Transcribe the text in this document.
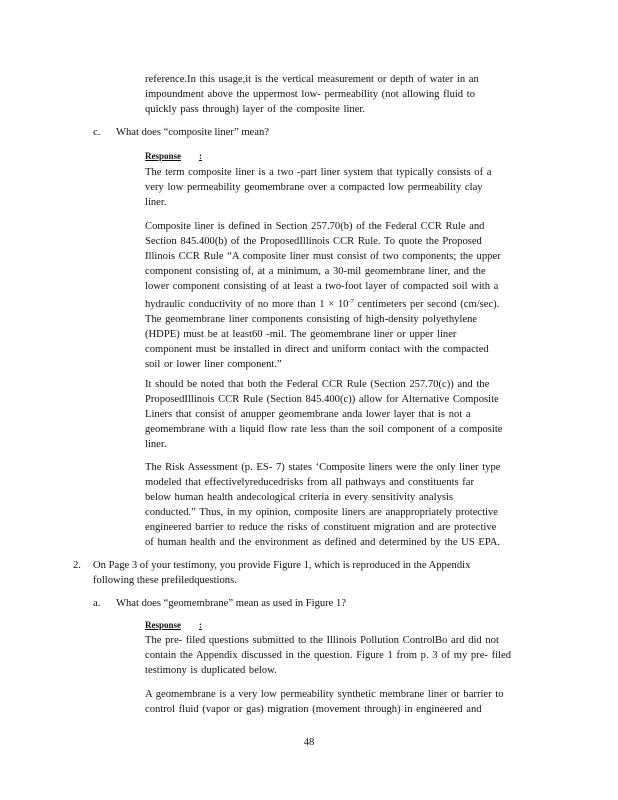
reference.In this usage,it is the vertical measurement or depth of water in an
impoundment above the uppermost low- permeability (not allowing fluid to
quickly pass through) layer of the composite liner.
c. What does “composite liner” mean?
Response :
The term composite liner is a two -part liner system that typically consists of a
very low permeability geomembrane over a compacted low permeability clay
liner.
Composite liner is defined in Section 257.70(b) of the Federal CCR Rule and
Section 845.400(b) of the ProposedIllinois CCR Rule. To quote the Proposed
Illinois CCR Rule “A composite liner must consist of two components; the upper
component consisting of, at a minimum, a 30-mil geomembrane liner, and the
lower component consisting of at least a two-foot layer of compacted soil with a
hydraulic conductivity of no more than $1 \times 10^{-7}$ centimeters per second (cm/sec).
The geomembrane liner components consisting of high-density polyethylene
(HDPE) must be at least60 -mil. The geomembrane liner or upper liner
component must be installed in direct and uniform contact with the compacted
soil or lower liner component.”
It should be noted that both the Federal CCR Rule (Section 257.70(c)) and the
ProposedIllinois CCR Rule (Section 845.400(c)) allow for Alternative Composite
Liners that consist of anupper geomembrane anda lower layer that is not a
geomembrane with a liquid flow rate less than the soil component of a composite
liner.
The Risk Assessment (p. ES- 7) states ‘Composite liners were the only liner type
modeled that effectivelyreducedrisks from all pathways and constituents far
below human health andecological criteria in every sensitivity analysis
conducted.” Thus, in my opinion, composite liners are anappropriately protective
engineered barrier to reduce the risks of constituent migration and are protective
of human health and the environment as defined and determined by the US EPA.
2. On Page 3 of your testimony, you provide Figure 1, which is reproduced in the Appendix
following these prefiledquestions.
a. What does “geomembrane” mean as used in Figure 1?
Response :
The pre- filed questions submitted to the Illinois Pollution ControlBo ard did not
contain the Appendix discussed in the question. Figure 1 from p. 3 of my pre- filed
testimony is duplicated below.
A geomembrane is a very low permeability synthetic membrane liner or barrier to
control fluid (vapor or gas) migration (movement through) in engineered and
48
